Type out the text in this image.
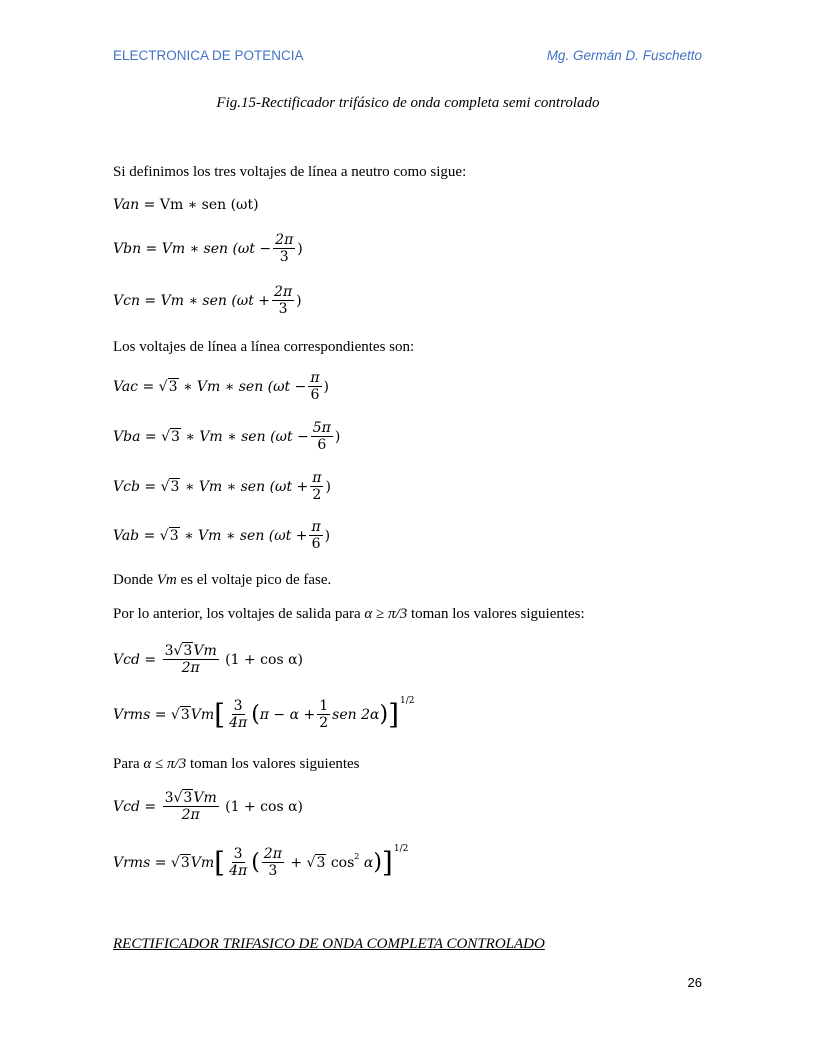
ELECTRONICA DE POTENCIA	Mg. Germán D. Fuschetto
Fig.15-Rectificador trifásico de onda completa semi controlado
Si definimos los tres voltajes de línea a neutro como sigue:
Van
= Vm ∗ sen (ωt)
Vbn
= Vm ∗ sen ($\omega t - \frac{2\pi}{3}$ )
Vcn
= Vm ∗ sen ($\omega t + \frac{2\pi}{3}$ )
Los voltajes de línea a línea correspondientes son:
Vac
=
√ 3
∗ Vm ∗ sen ($\omega t - \frac{\pi}{6}$ )
Vba
=
√ 3
∗ Vm ∗ sen ($\omega t - \frac{5\pi}{6}$ )
Vcb
=
√ 3
∗ Vm ∗ sen ($\omega t + \frac{\pi}{2}$ )
Vab
=
√ 3
∗ Vm ∗ sen ($\omega t + \frac{\pi}{6}$ )
Donde Vm es el voltaje pico de fase.
Por lo anterior, los voltajes de salida para α ≥ π/3 toman los valores siguientes:
Vcd
=
$\frac{3√3Vm}{2\pi}$
(1 + cos α)
Vrms
=
√ 3 Vm [ $\frac{3}{4\pi}$ ( $\pi - \alpha + \frac{1}{2}$ sen 2α ) ] 1/2
Para α ≤ π/3 toman los valores siguientes
Vcd
=
$\frac{3√3Vm}{2\pi}$
(1 + cos α)
Vrms
=
√ 3 Vm [ $\frac{3}{4\pi}$ ( $\frac{2\pi}{3}$
+
√ 3
cos 2
α ) ] 1/2
RECTIFICADOR TRIFASICO DE ONDA COMPLETA CONTROLADO
26
